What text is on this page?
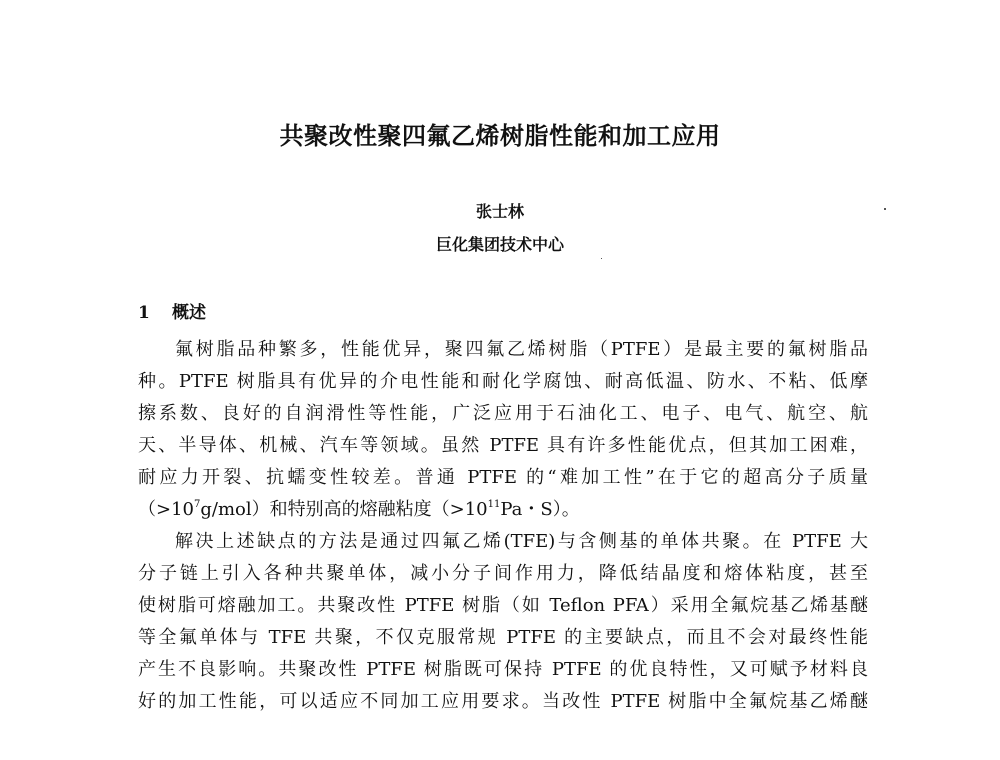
共聚改性聚四氟乙烯树脂性能和加工应用
张士林
巨化集团技术中心
1 概述
氟树脂品种繁多，性能优异，聚四氟乙烯树脂（PTFE）是最主要的氟树脂品
种。PTFE 树脂具有优异的介电性能和耐化学腐蚀、耐高低温、防水、不粘、低摩
擦系数、良好的自润滑性等性能，广泛应用于石油化工、电子、电气、航空、航
天、半导体、机械、汽车等领域。虽然 PTFE 具有许多性能优点，但其加工困难，
耐应力开裂、抗蠕变性较差。普通 PTFE 的“难加工性”在于它的超高分子质量
$(>10^7g/mol)$和特别高的熔融粘度（$>10^{11}Pa$・S）。
解决上述缺点的方法是通过四氟乙烯(TFE)与含侧基的单体共聚。在 PTFE 大
分子链上引入各种共聚单体，减小分子间作用力，降低结晶度和熔体粘度，甚至
使树脂可熔融加工。共聚改性 PTFE 树脂（如 Teflon PFA）采用全氟烷基乙烯基醚
等全氟单体与 TFE 共聚，不仅克服常规 PTFE 的主要缺点，而且不会对最终性能
产生不良影响。共聚改性 PTFE 树脂既可保持 PTFE 的优良特性，又可赋予材料良
好的加工性能，可以适应不同加工应用要求。当改性 PTFE 树脂中全氟烷基乙烯醚
